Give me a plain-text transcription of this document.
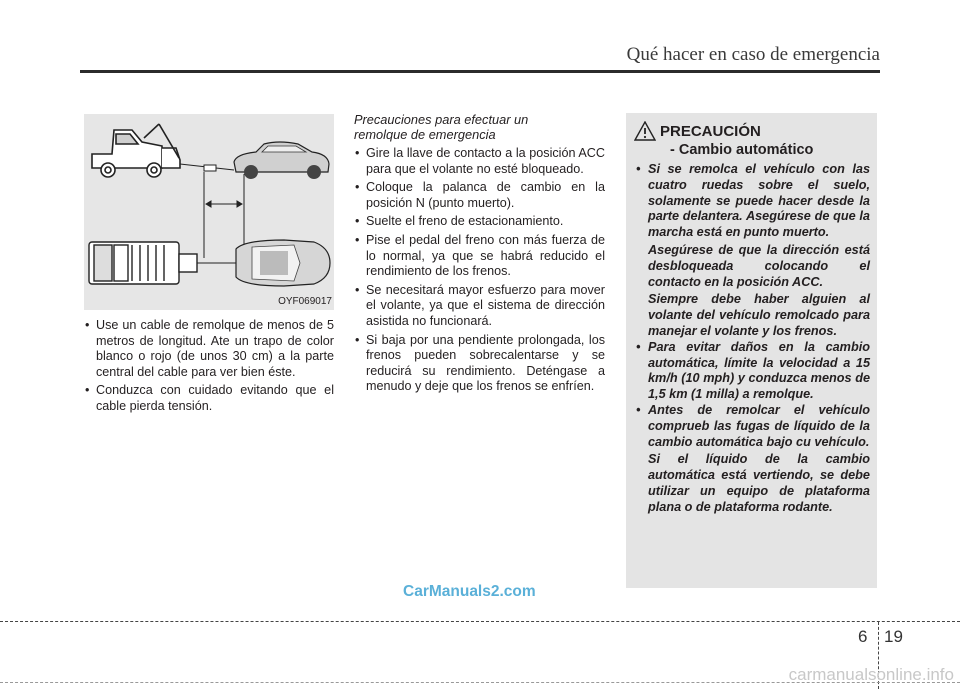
Qué hacer en caso de emergencia
OYF069017
• Use un cable de remolque de menos de 5 metros de longitud. Ate un trapo de color blanco o rojo (de unos 30 cm) a la parte central del cable para ver bien éste.
• Conduzca con cuidado evitando que el cable pierda tensión.
Precauciones para efectuar un
remolque de emergencia
• Gire la llave de contacto a la posición ACC para que el volante no esté bloqueado.
• Coloque la palanca de cambio en la posición N (punto muerto).
• Suelte el freno de estacionamiento.
• Pise el pedal del freno con más fuerza de lo normal, ya que se habrá reducido el rendimiento de los frenos.
• Se necesitará mayor esfuerzo para mover el volante, ya que el sistema de dirección asistida no funcionará.
• Si baja por una pendiente prolongada, los frenos pueden sobrecalentarse y se reducirá su rendimiento. Deténgase a menudo y deje que los frenos se enfríen.
PRECAUCIÓN
- Cambio automático
• Si se remolca el vehículo con las cuatro ruedas sobre el suelo, solamente se puede hacer desde la parte delantera. Asegúrese de que la marcha está en punto muerto.

Asegúrese de que la dirección está desbloqueada colocando el contacto en la posición ACC.

Siempre debe haber alguien al volante del vehículo remolcado para manejar el volante y los frenos.

• Para evitar daños en la cambio automática, límite la velocidad a 15 km/h (10 mph) y conduzca menos de 1,5 km (1 milla) a remolque.
• Antes de remolcar el vehículo comprueb las fugas de líquido de la cambio automática bajo cu vehículo.

Si el líquido de la cambio automática está vertiendo, se debe utilizar un equipo de plataforma plana o de plataforma rodante.

CarManuals2.com
6 19
carmanualsonline.info
